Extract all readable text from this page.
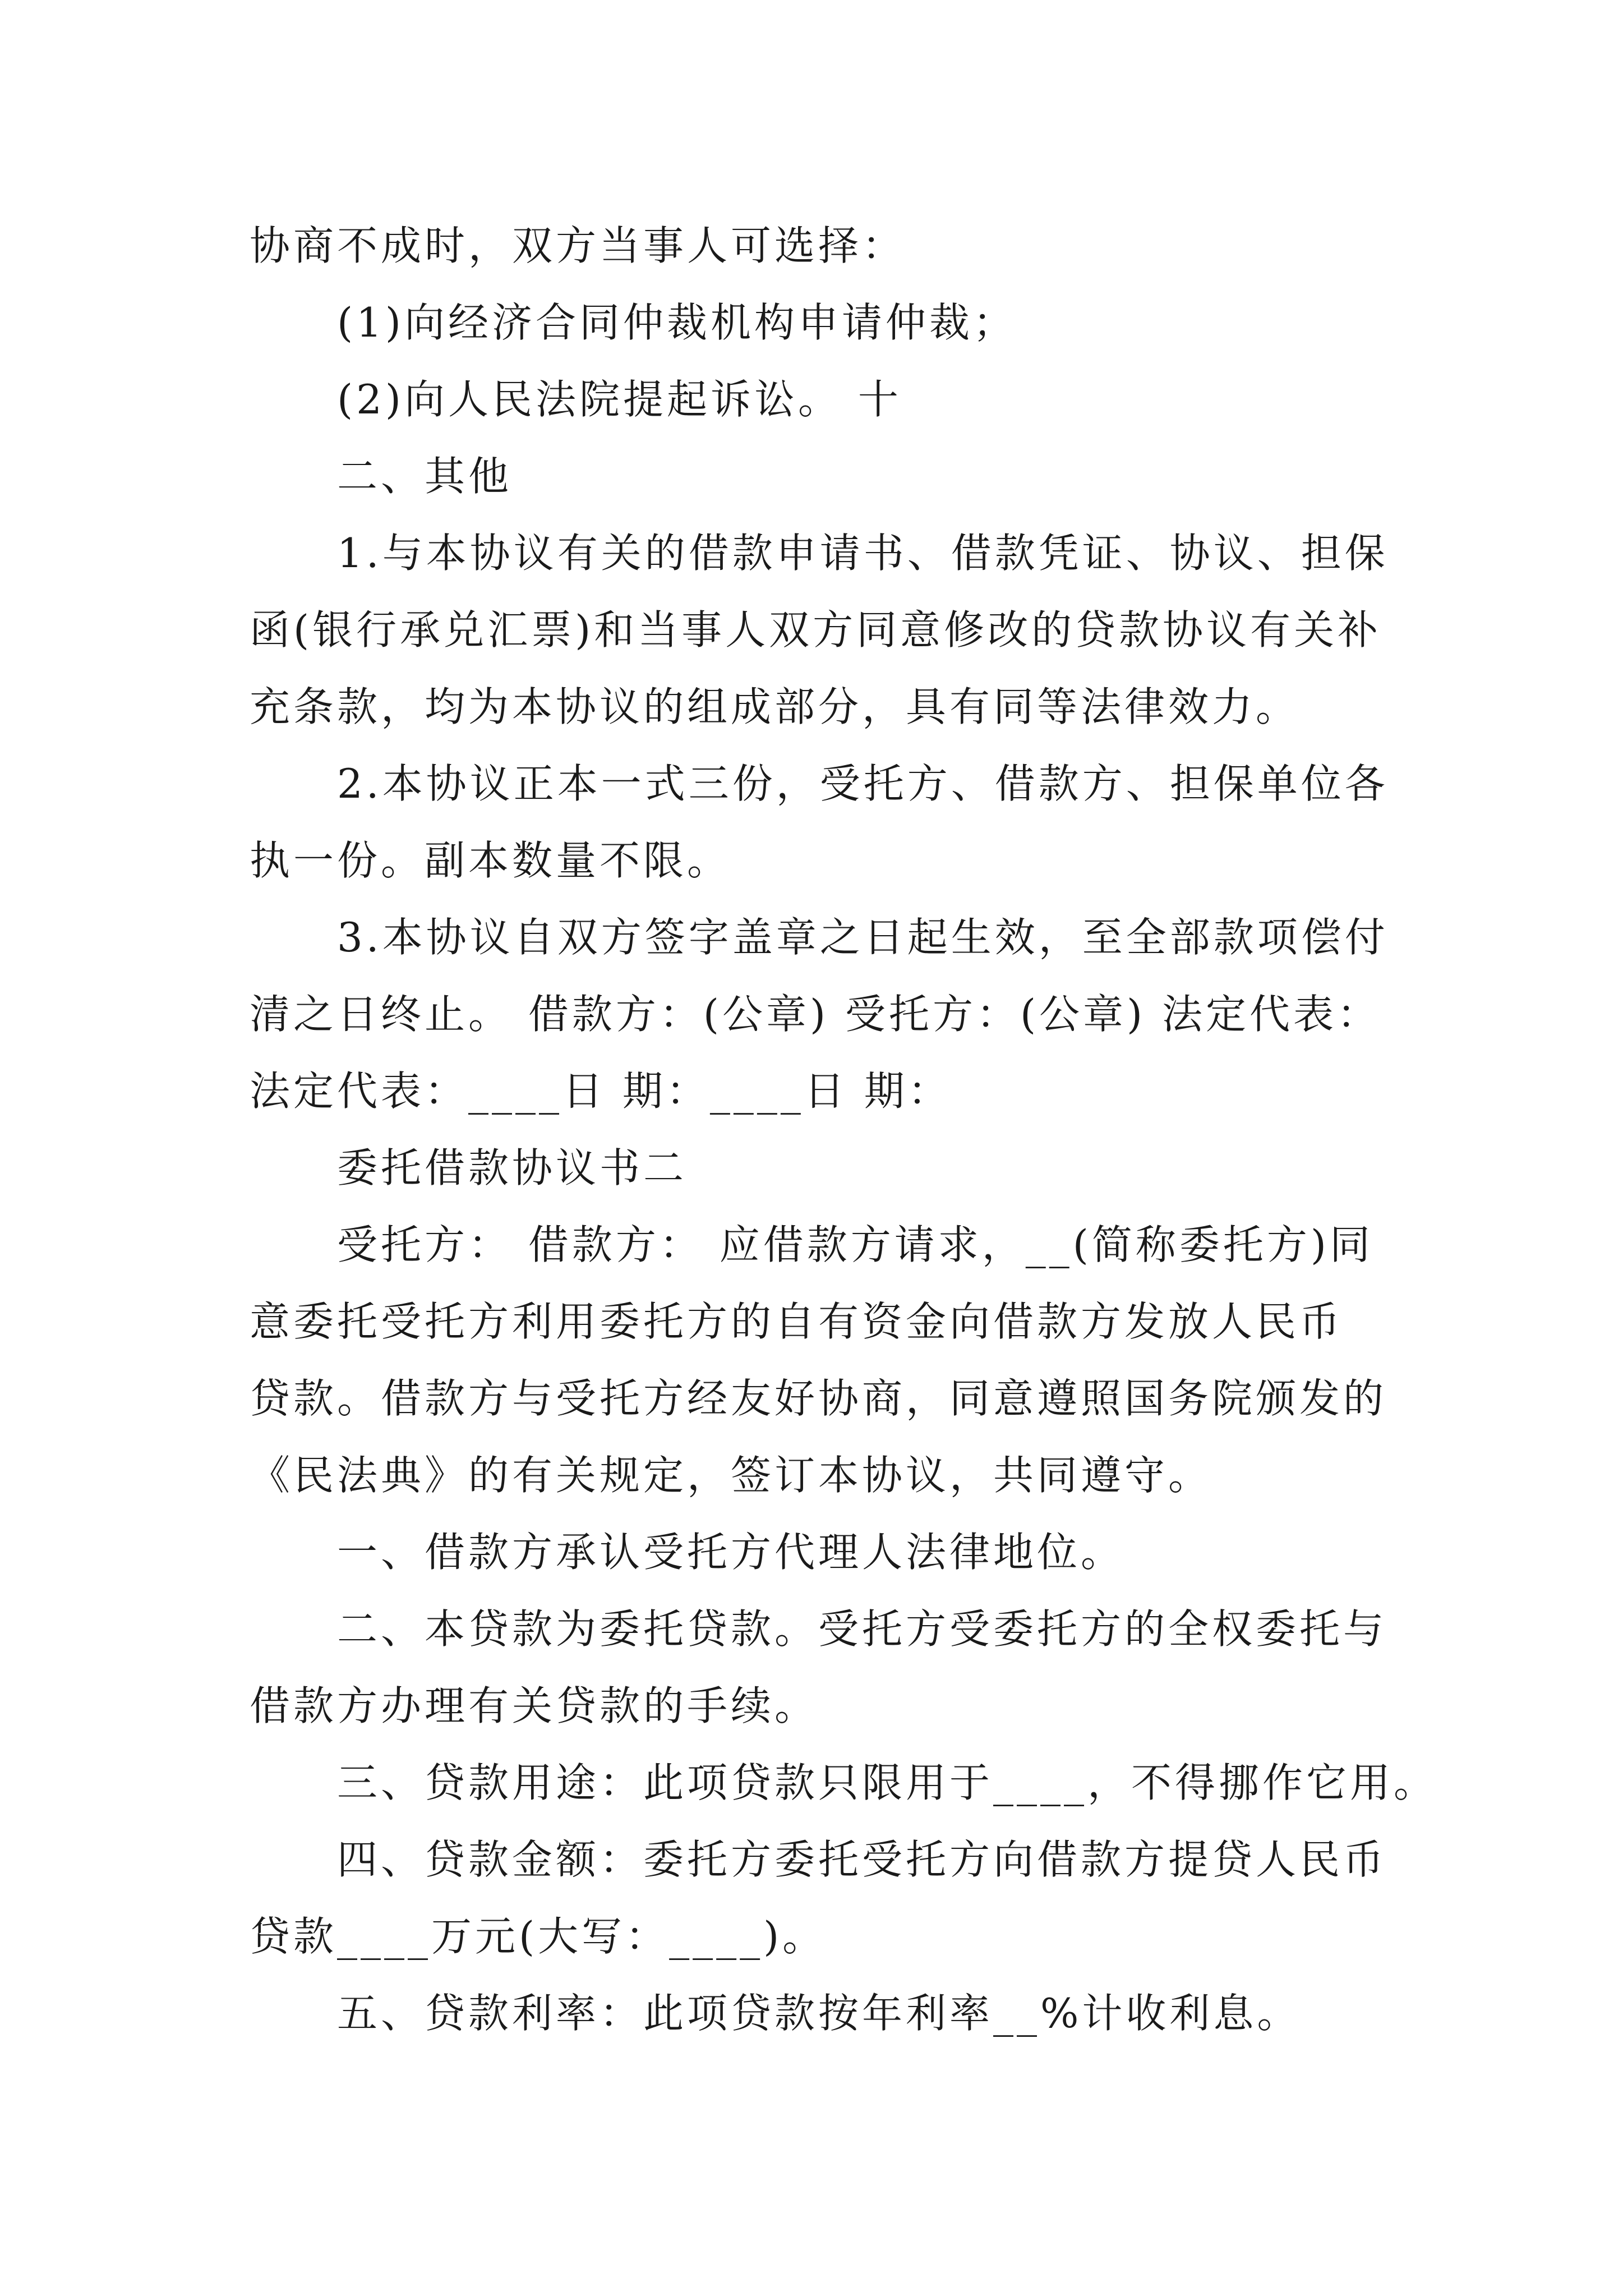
协商不成时，双方当事人可选择：
(1)向经济合同仲裁机构申请仲裁；
(2)向人民法院提起诉讼。 十
二、其他
1.与本协议有关的借款申请书、借款凭证、协议、担保
函(银行承兑汇票)和当事人双方同意修改的贷款协议有关补
充条款，均为本协议的组成部分，具有同等法律效力。
2.本协议正本一式三份，受托方、借款方、担保单位各
执一份。副本数量不限。
3.本协议自双方签字盖章之日起生效，至全部款项偿付
清之日终止。 借款方：(公章) 受托方：(公章) 法定代表：
法定代表：____日 期：____日 期：
委托借款协议书二
受托方： 借款方： 应借款方请求，__(简称委托方)同
意委托受托方利用委托方的自有资金向借款方发放人民币
贷款。借款方与受托方经友好协商，同意遵照国务院颁发的
《民法典》的有关规定，签订本协议，共同遵守。
一、借款方承认受托方代理人法律地位。
二、本贷款为委托贷款。受托方受委托方的全权委托与
借款方办理有关贷款的手续。
三、贷款用途：此项贷款只限用于____，不得挪作它用。
四、贷款金额：委托方委托受托方向借款方提贷人民币
贷款____万元(大写：____)。
五、贷款利率：此项贷款按年利率__%计收利息。
